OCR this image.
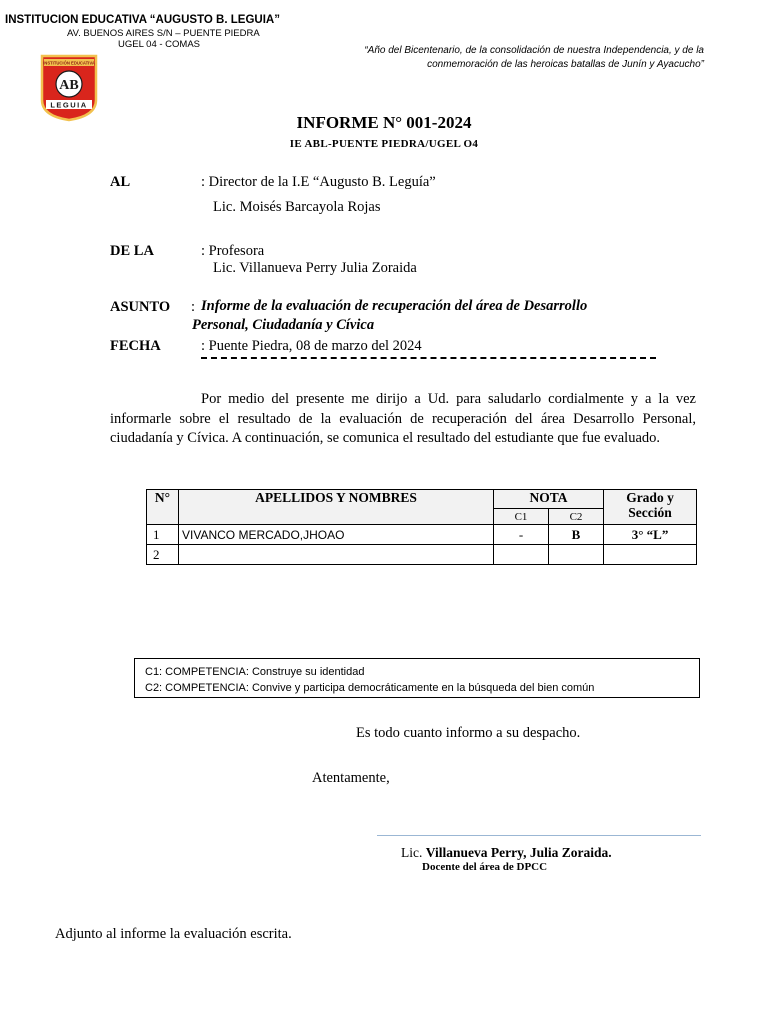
INSTITUCION EDUCATIVA “AUGUSTO B. LEGUIA”
AV. BUENOS AIRES S/N – PUENTE PIEDRA
UGEL 04 - COMAS
“Año del Bicentenario, de la consolidación de nuestra Independencia, y de la
conmemoración de las heroicas batallas de Junín y Ayacucho”
INSTITUCIÓN EDUCATIVA
AB
LEGUIA
INFORME N° 001-2024
IE ABL-PUENTE PIEDRA/UGEL O4
AL	: Director de la I.E “Augusto B. Leguía”
Lic. Moisés Barcayola Rojas
DE LA	: Profesora
Lic. Villanueva Perry Julia Zoraida
ASUNTO : Informe de la evaluación de recuperación del área de Desarrollo
Personal, Ciudadanía y Cívica
FECHA	: Puente Piedra, 08 de marzo del 2024
Por medio del presente me dirijo a Ud. para saludarlo cordialmente y a la vez informarle sobre el resultado de la evaluación de recuperación del área Desarrollo Personal, ciudadanía y Cívica. A continuación, se comunica el resultado del estudiante que fue evaluado.
N°	APELLIDOS Y NOMBRES	NOTA		Grado y
Sección
		C1	C2	
1	VIVANCO MERCADO,JHOAO	-	B	3° “L”
2				
C1: COMPETENCIA: Construye su identidad
C2: COMPETENCIA: Convive y participa democráticamente en la búsqueda del bien común
Es todo cuanto informo a su despacho.
Atentamente,
Lic. Villanueva Perry, Julia Zoraida.
Docente del área de DPCC
Adjunto al informe la evaluación escrita.
